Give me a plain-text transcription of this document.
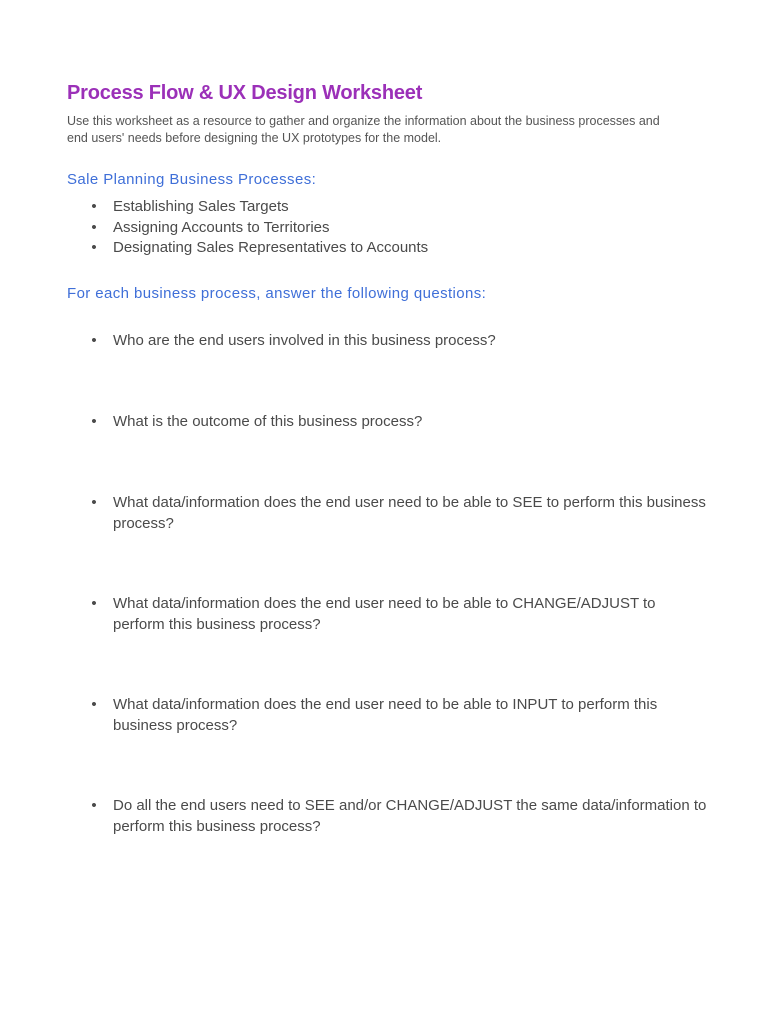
Process Flow & UX Design Worksheet

Use this worksheet as a resource to gather and organize the information about the business processes and end users' needs before designing the UX prototypes for the model.

Sale Planning Business Processes:
• Establishing Sales Targets
• Assigning Accounts to Territories
• Designating Sales Representatives to Accounts
For each business process, answer the following questions:
• Who are the end users involved in this business process?
• What is the outcome of this business process?
• What data/information does the end user need to be able to SEE to perform this business process?
• What data/information does the end user need to be able to CHANGE/ADJUST to perform this business process?
• What data/information does the end user need to be able to INPUT to perform this business process?
• Do all the end users need to SEE and/or CHANGE/ADJUST the same data/information to perform this business process?
